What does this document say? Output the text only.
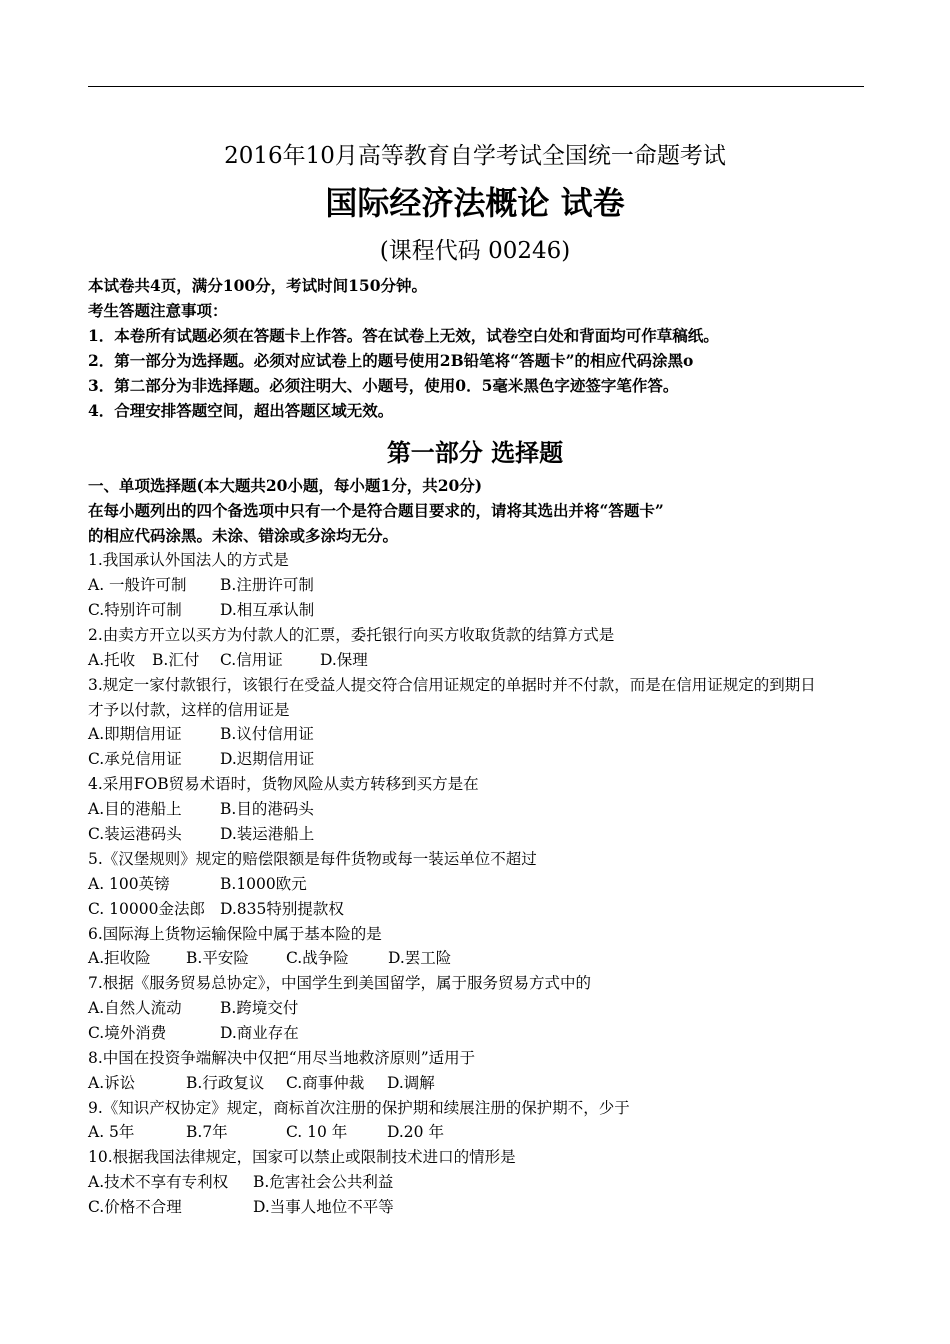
2016年10月高等教育自学考试全国统一命题考试
国际经济法概论 试卷
(课程代码 00246)
本试卷共4页，满分100分，考试时间150分钟。
考生答题注意事项：
1．本卷所有试题必须在答题卡上作答。答在试卷上无效，试卷空白处和背面均可作草稿纸。
2．第一部分为选择题。必须对应试卷上的题号使用2B铅笔将“答题卡”的相应代码涂黑o
3．第二部分为非选择题。必须注明大、小题号，使用0．5毫米黑色字迹签字笔作答。
4．合理安排答题空间，超出答题区域无效。
第一部分 选择题
一、单项选择题(本大题共20小题，每小题1分，共20分)
在每小题列出的四个备选项中只有一个是符合题目要求的，请将其选出并将“答题卡”
的相应代码涂黑。未涂、错涂或多涂均无分。
1.我国承认外国法人的方式是
A. 一般许可制 B.注册许可制
C.特别许可制 D.相互承认制
2.由卖方开立以买方为付款人的汇票，委托银行向买方收取货款的结算方式是
A.托收 B.汇付 C.信用证 D.保理
3.规定一家付款银行，该银行在受益人提交符合信用证规定的单据时并不付款，而是在信用证规定的到期日
才予以付款，这样的信用证是
A.即期信用证 B.议付信用证
C.承兑信用证 D.迟期信用证
4.采用FOB贸易术语时，货物风险从卖方转移到买方是在
A.目的港船上 B.目的港码头
C.装运港码头 D.装运港船上
5.《汉堡规则》规定的赔偿限额是每件货物或每一装运单位不超过
A. 100英镑	B.1000欧元
C. 10000金法郎 D.835特别提款权
6.国际海上货物运输保险中属于基本险的是
A.拒收险 B.平安险 C.战争险	D.罢工险
7.根据《服务贸易总协定》，中国学生到美国留学，属于服务贸易方式中的
A.自然人流动 B.跨境交付
C.境外消费	D.商业存在
8.中国在投资争端解决中仅把“用尽当地救济原则”适用于
A.诉讼	B.行政复议 C.商事仲裁 D.调解
9.《知识产权协定》规定，商标首次注册的保护期和续展注册的保护期不，少于
A. 5年	B.7年	C. 10 年	D.20 年
10.根据我国法律规定，国家可以禁止或限制技术进口的情形是
A.技术不享有专利权 B.危害社会公共利益
C.价格不合理	D.当事人地位不平等
